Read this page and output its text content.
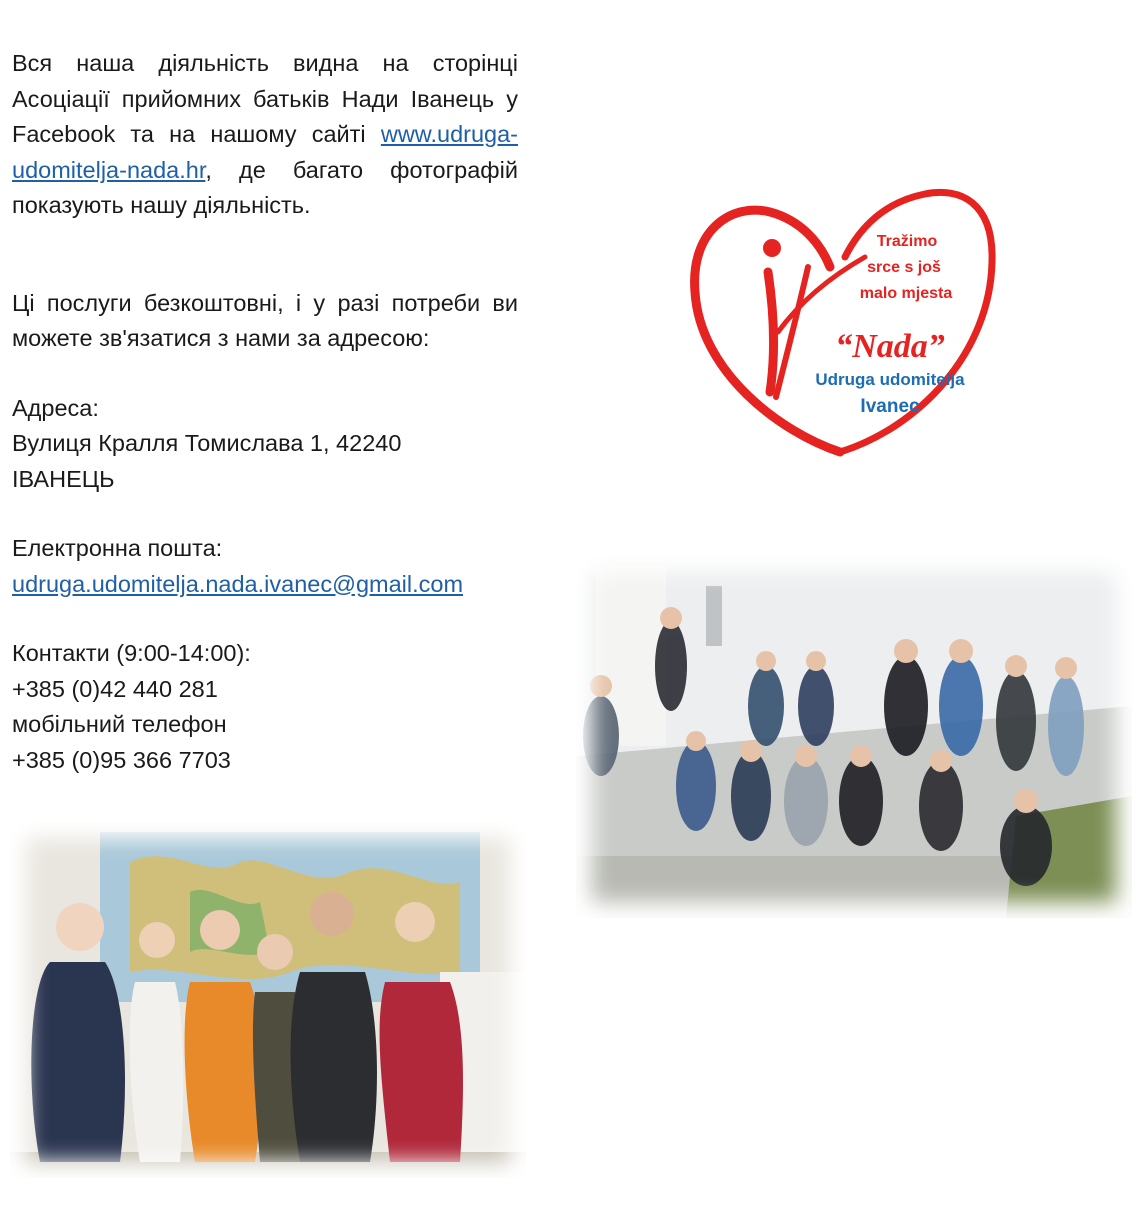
Вся наша діяльність видна на сторінці Асоціації прийомних батьків Нади Іванець у Facebook та на нашому сайті www.udruga-udomitelja-nada.hr, де багато фотографій показують нашу діяльність.

Ці послуги безкоштовні, і у разі потреби ви можете зв'язатися з нами за адресою:

Адреса:
Вулиця Кралля Томислава 1, 42240
ІВАНЕЦЬ
Електронна пошта:
udruga.udomitelja.nada.ivanec@gmail.com
Контакти (9:00-14:00):
+385 (0)42 440 281
мобільний телефон
+385 (0)95 366 7703
Tražimo
srce s još
malo mjesta
“Nada”
Udruga udomitelja
Ivanec
